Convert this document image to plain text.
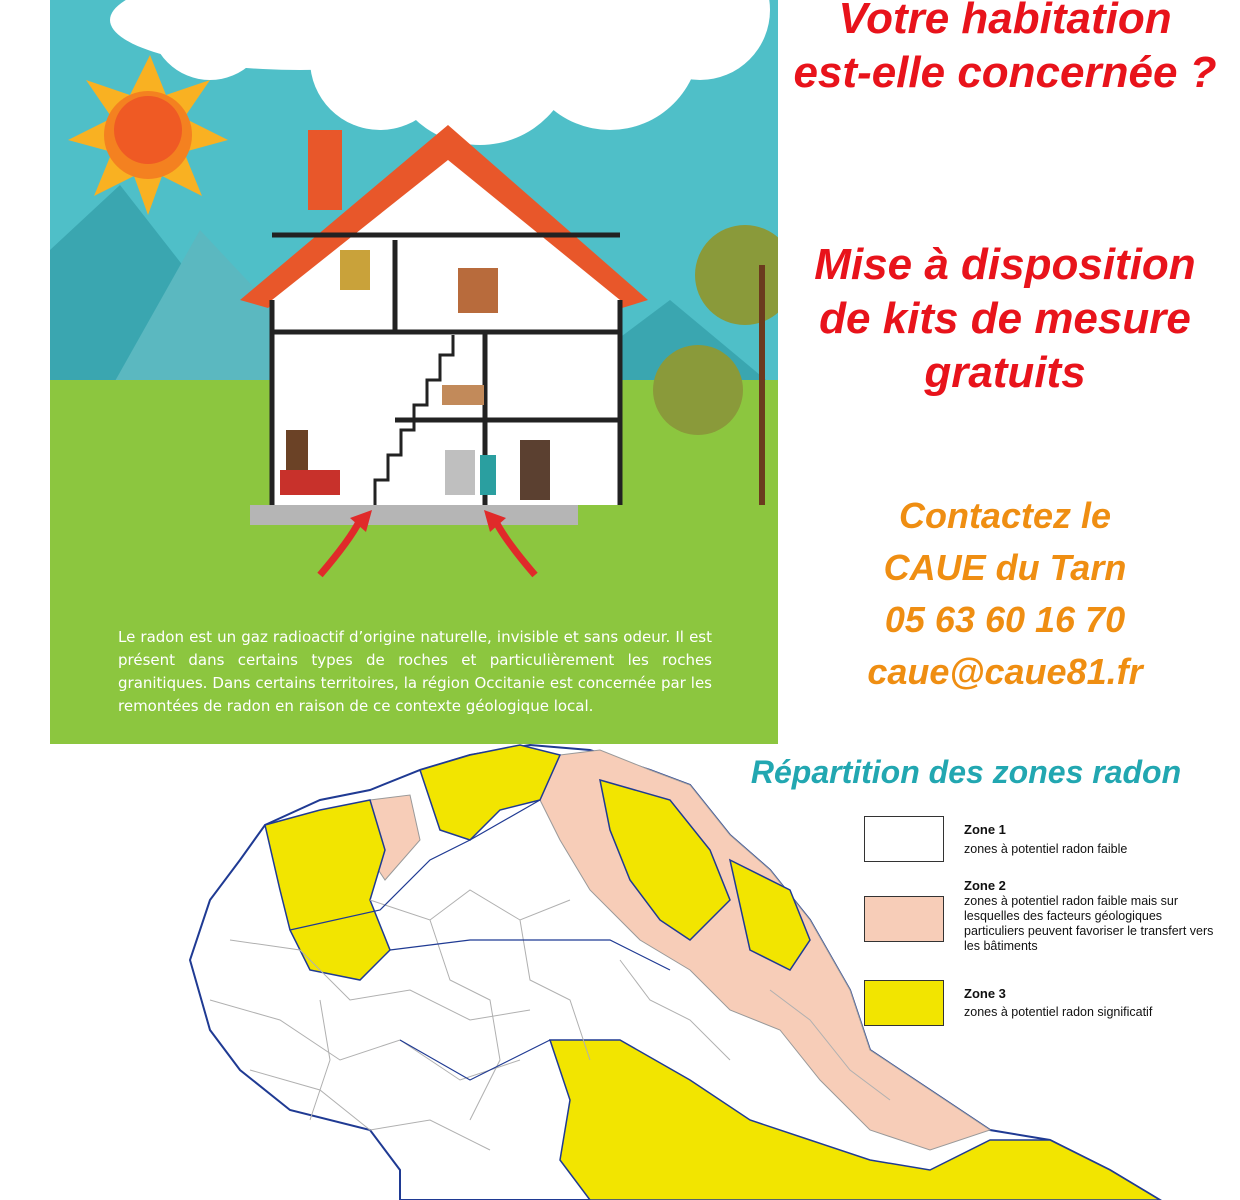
Le radon est un gaz radioactif d’origine naturelle, invisible et sans odeur. Il est présent dans certains types de roches et particulièrement les roches granitiques. Dans certains territoires, la région Occitanie est concernée par les remontées de radon en raison de ce contexte géologique local.
Votre habitation
est-elle concernée ?
Mise à disposition
de kits de mesure
gratuits
Contactez le
CAUE du Tarn
05 63 60 16 70
caue@caue81.fr
Répartition des zones radon
Zone 1
zones à potentiel radon faible
Zone 2
zones à potentiel radon faible mais sur lesquelles des facteurs géologiques particuliers peuvent favoriser le transfert vers les bâtiments
Zone 3
zones à potentiel radon significatif
